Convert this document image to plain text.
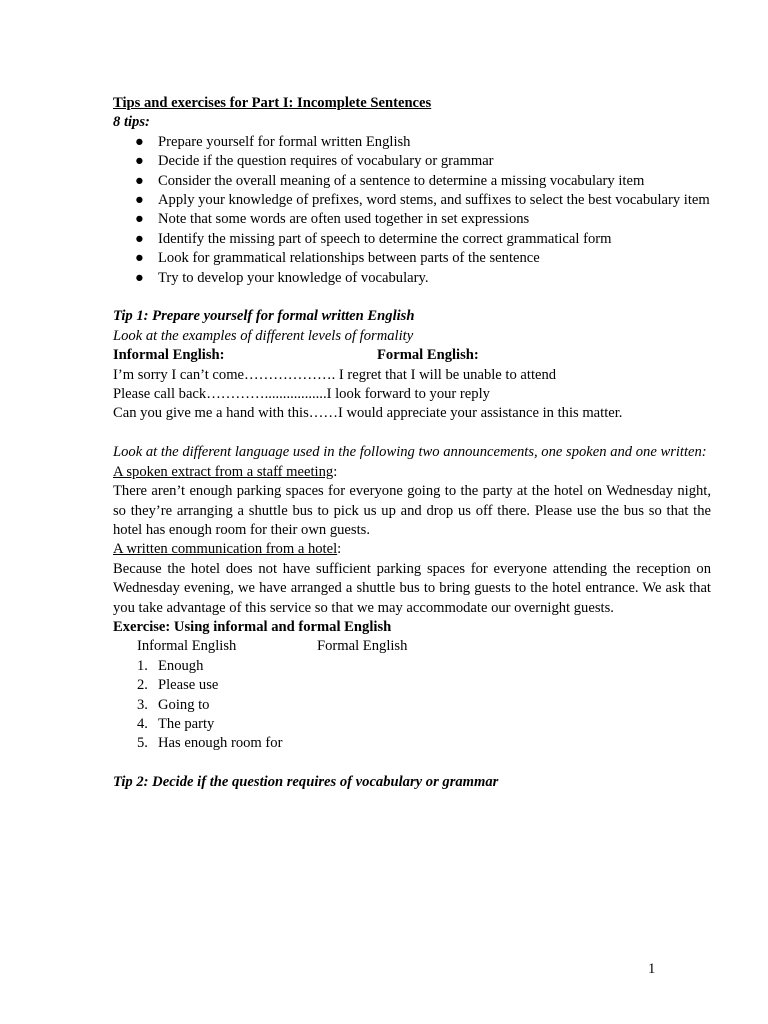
Tips and exercises for Part I: Incomplete Sentences
8 tips:
● Prepare yourself for formal written English
● Decide if the question requires of vocabulary or grammar
● Consider the overall meaning of a sentence to determine a missing vocabulary item
● Apply your knowledge of prefixes, word stems, and suffixes to select the best vocabulary item
● Note that some words are often used together in set expressions
● Identify the missing part of speech to determine the correct grammatical form
● Look for grammatical relationships between parts of the sentence
● Try to develop your knowledge of vocabulary.
Tip 1: Prepare yourself for formal written English
Look at the examples of different levels of formality
Informal English:	Formal English:
I’m sorry I can’t come………………. I regret that I will be unable to attend
Please call back………….................I look forward to your reply
Can you give me a hand with this……I would appreciate your assistance in this matter.
Look at the different language used in the following two announcements, one spoken and one written:
A spoken extract from a staff meeting:
There aren’t enough parking spaces for everyone going to the party at the hotel on Wednesday night, so they’re arranging a shuttle bus to pick us up and drop us off there. Please use the bus so that the hotel has enough room for their own guests.
A written communication from a hotel:
Because the hotel does not have sufficient parking spaces for everyone attending the reception on Wednesday evening, we have arranged a shuttle bus to bring guests to the hotel entrance. We ask that you take advantage of this service so that we may accommodate our overnight guests.
Exercise: Using informal and formal English
Informal English	Formal English
1. Enough
2. Please use
3. Going to
4. The party
5. Has enough room for
Tip 2: Decide if the question requires of vocabulary or grammar
1
